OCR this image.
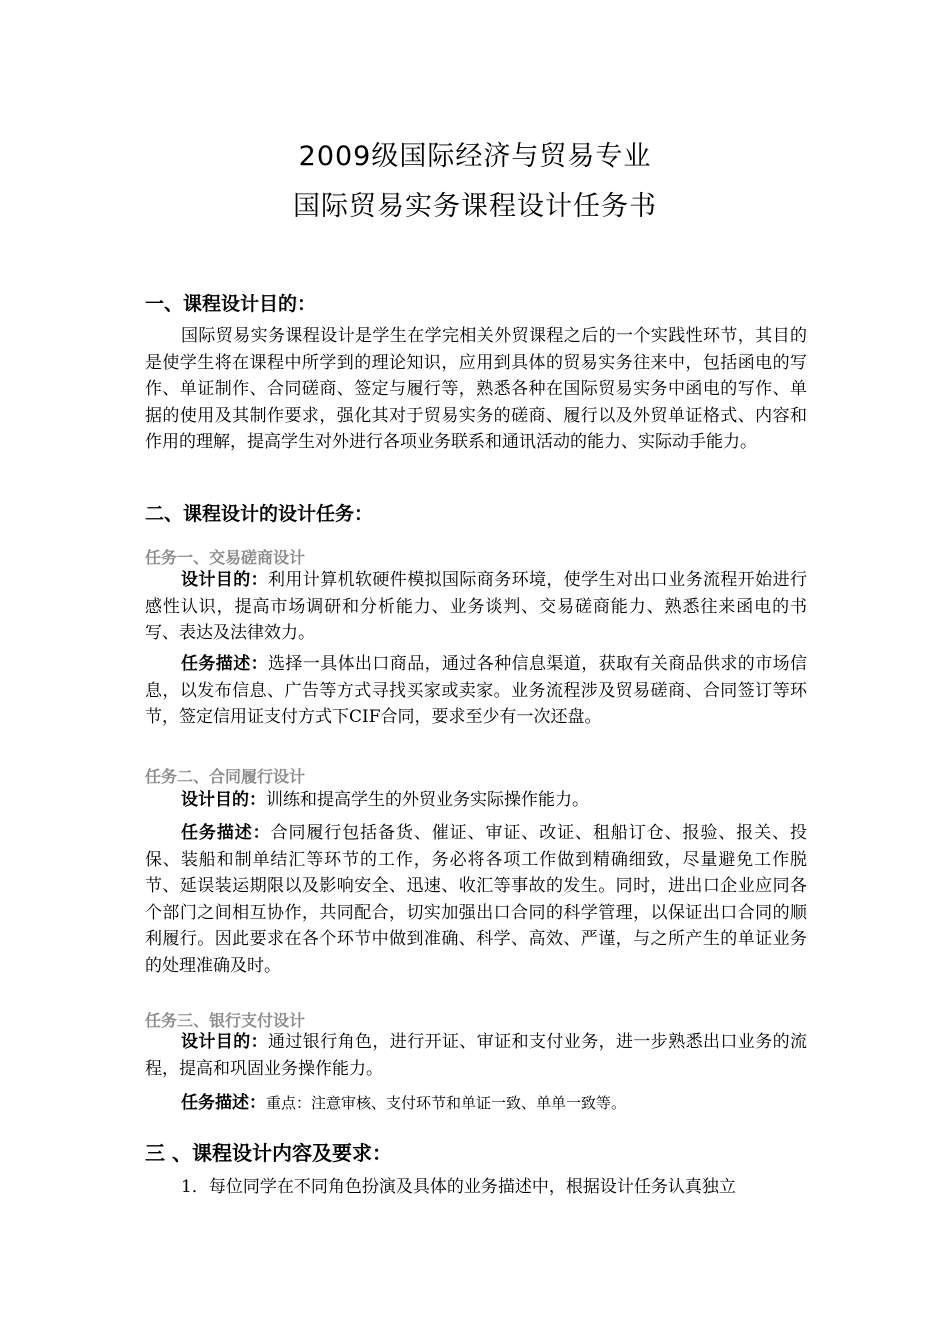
2009级国际经济与贸易专业
国际贸易实务课程设计任务书
一、课程设计目的：
国际贸易实务课程设计是学生在学完相关外贸课程之后的一个实践性环节，其目的是使学生将在课程中所学到的理论知识，应用到具体的贸易实务往来中，包括函电的写作、单证制作、合同磋商、签定与履行等，熟悉各种在国际贸易实务中函电的写作、单据的使用及其制作要求，强化其对于贸易实务的磋商、履行以及外贸单证格式、内容和作用的理解，提高学生对外进行各项业务联系和通讯活动的能力、实际动手能力。
二、课程设计的设计任务：
任务一、交易磋商设计
设计目的：利用计算机软硬件模拟国际商务环境，使学生对出口业务流程开始进行感性认识，提高市场调研和分析能力、业务谈判、交易磋商能力、熟悉往来函电的书写、表达及法律效力。
任务描述：选择一具体出口商品，通过各种信息渠道，获取有关商品供求的市场信息，以发布信息、广告等方式寻找买家或卖家。业务流程涉及贸易磋商、合同签订等环节，签定信用证支付方式下CIF合同，要求至少有一次还盘。
任务二、合同履行设计
设计目的：训练和提高学生的外贸业务实际操作能力。
任务描述：合同履行包括备货、催证、审证、改证、租船订仓、报验、报关、投保、装船和制单结汇等环节的工作，务必将各项工作做到精确细致，尽量避免工作脱节、延误装运期限以及影响安全、迅速、收汇等事故的发生。同时，进出口企业应同各个部门之间相互协作，共同配合，切实加强出口合同的科学管理，以保证出口合同的顺利履行。因此要求在各个环节中做到准确、科学、高效、严谨，与之所产生的单证业务的处理准确及时。
任务三、银行支付设计
设计目的：通过银行角色，进行开证、审证和支付业务，进一步熟悉出口业务的流程，提高和巩固业务操作能力。
任务描述：重点：注意审核、支付环节和单证一致、单单一致等。
三 、课程设计内容及要求：
1．每位同学在不同角色扮演及具体的业务描述中，根据设计任务认真独立
